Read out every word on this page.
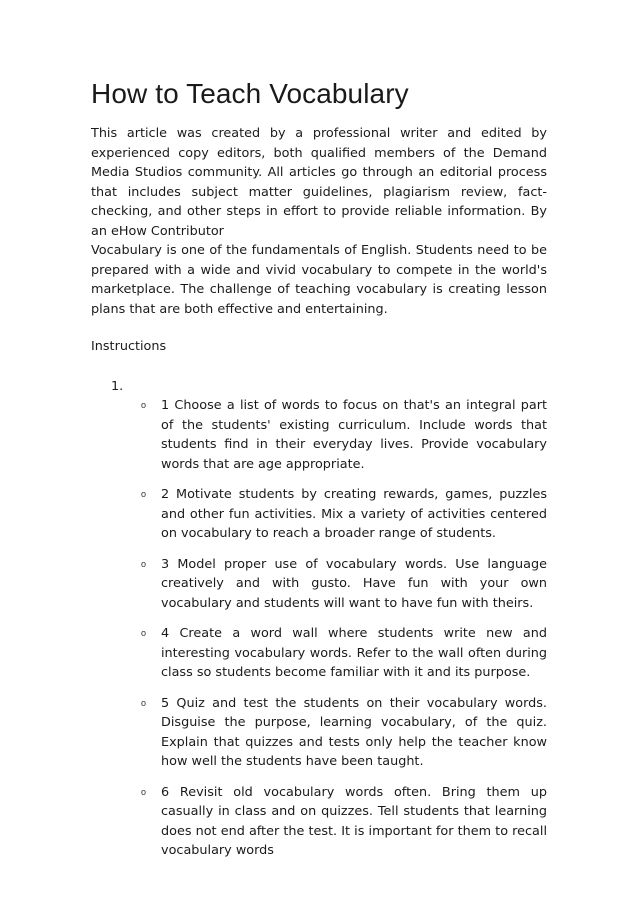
How to Teach Vocabulary

This article was created by a professional writer and edited by experienced copy editors, both qualified members of the Demand Media Studios community. All articles go through an editorial process that includes subject matter guidelines, plagiarism review, fact-checking, and other steps in effort to provide reliable information. By an eHow Contributor

Vocabulary is one of the fundamentals of English. Students need to be prepared with a wide and vivid vocabulary to compete in the world's marketplace. The challenge of teaching vocabulary is creating lesson plans that are both effective and entertaining.

Instructions
1.
o 1 Choose a list of words to focus on that's an integral part of the students' existing curriculum. Include words that students find in their everyday lives. Provide vocabulary words that are age appropriate.
o 2 Motivate students by creating rewards, games, puzzles and other fun activities. Mix a variety of activities centered on vocabulary to reach a broader range of students.
o 3 Model proper use of vocabulary words. Use language creatively and with gusto. Have fun with your own vocabulary and students will want to have fun with theirs.
o 4 Create a word wall where students write new and interesting vocabulary words. Refer to the wall often during class so students become familiar with it and its purpose.
o 5 Quiz and test the students on their vocabulary words. Disguise the purpose, learning vocabulary, of the quiz. Explain that quizzes and tests only help the teacher know how well the students have been taught.
o 6 Revisit old vocabulary words often. Bring them up casually in class and on quizzes. Tell students that learning does not end after the test. It is important for them to recall vocabulary words
